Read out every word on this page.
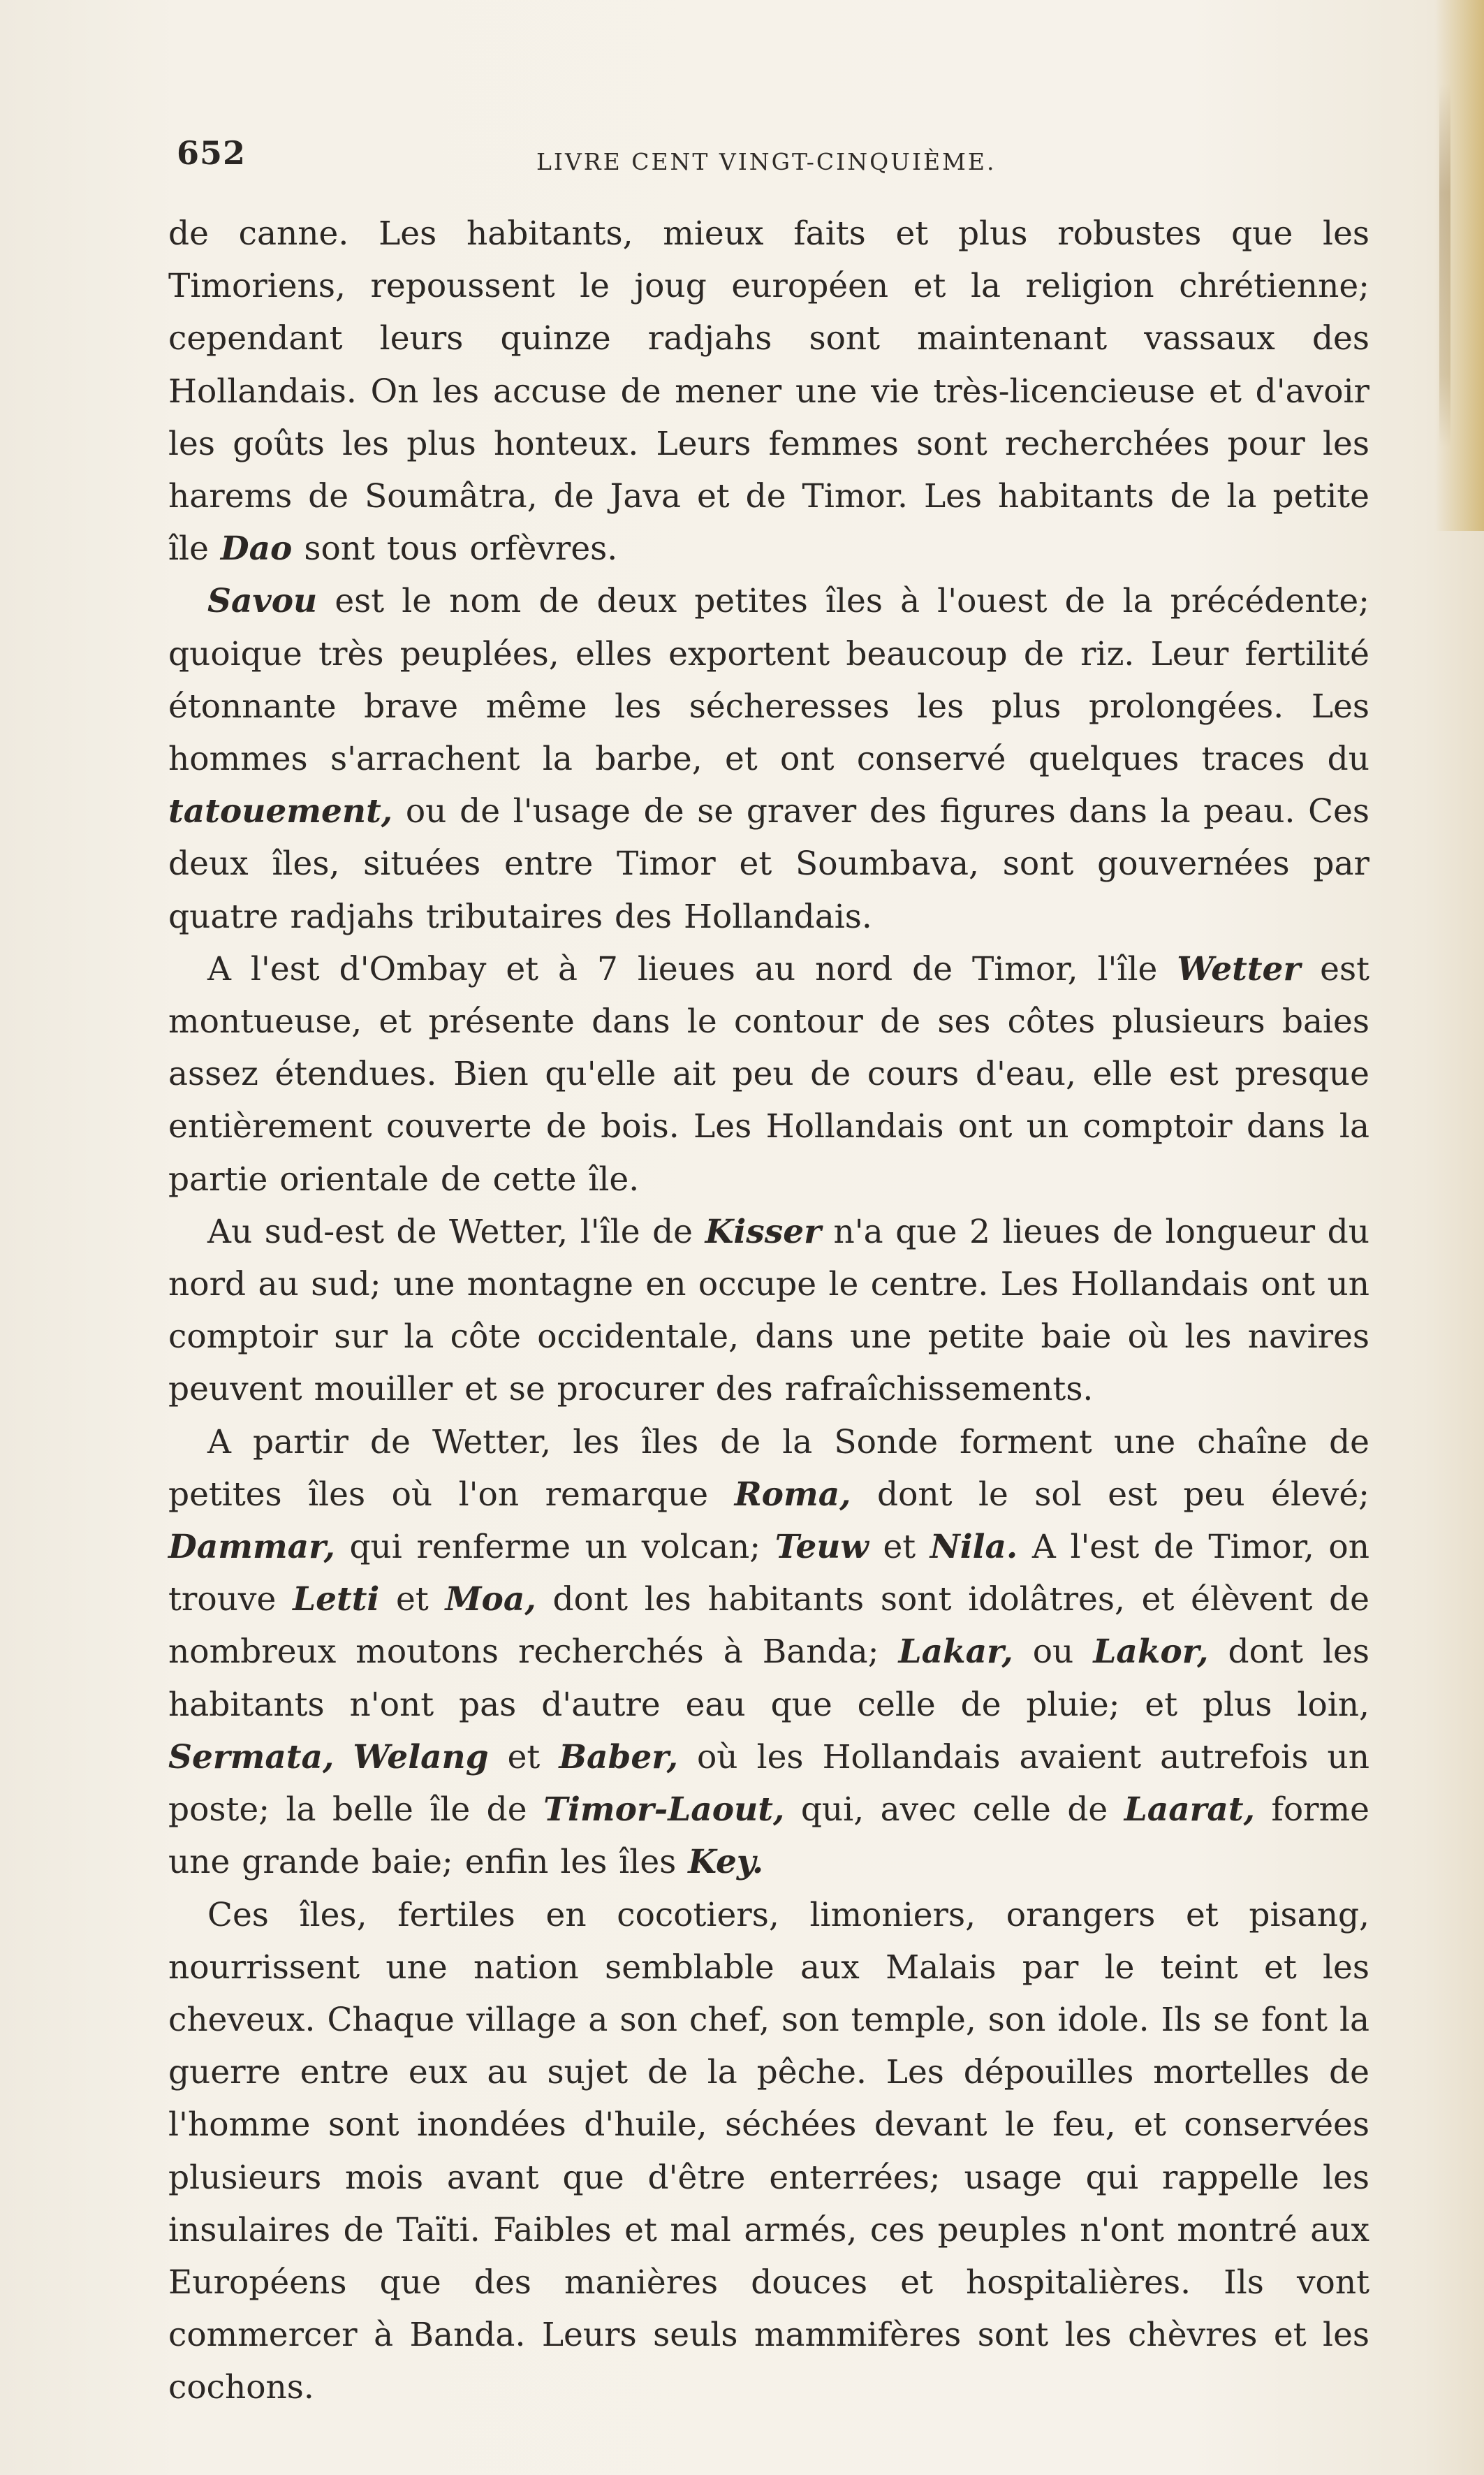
652	LIVRE CENT VINGT-CINQUIÈME.

de canne. Les habitants, mieux faits et plus robustes que les Timoriens, repoussent le joug européen et la religion chrétienne; cependant leurs quinze radjahs sont maintenant vassaux des Hollandais. On les accuse de mener une vie très-licencieuse et d'avoir les goûts les plus honteux. Leurs femmes sont recherchées pour les harems de Soumâtra, de Java et de Timor. Les habitants de la petite île Dao sont tous orfèvres.

Savou est le nom de deux petites îles à l'ouest de la précédente; quoique très peuplées, elles exportent beaucoup de riz. Leur fertilité étonnante brave même les sécheresses les plus prolongées. Les hommes s'arrachent la barbe, et ont conservé quelques traces du tatouement, ou de l'usage de se graver des figures dans la peau. Ces deux îles, situées entre Timor et Soumbava, sont gouvernées par quatre radjahs tributaires des Hollandais.

A l'est d'Ombay et à 7 lieues au nord de Timor, l'île Wetter est montueuse, et présente dans le contour de ses côtes plusieurs baies assez étendues. Bien qu'elle ait peu de cours d'eau, elle est presque entièrement couverte de bois. Les Hollandais ont un comptoir dans la partie orientale de cette île.

Au sud-est de Wetter, l'île de Kisser n'a que 2 lieues de longueur du nord au sud; une montagne en occupe le centre. Les Hollandais ont un comptoir sur la côte occidentale, dans une petite baie où les navires peuvent mouiller et se procurer des rafraîchissements.

A partir de Wetter, les îles de la Sonde forment une chaîne de petites îles où l'on remarque Roma, dont le sol est peu élevé; Dammar, qui renferme un volcan; Teuw et Nila. A l'est de Timor, on trouve Letti et Moa, dont les habitants sont idolâtres, et élèvent de nombreux moutons recherchés à Banda; Lakar, ou Lakor, dont les habitants n'ont pas d'autre eau que celle de pluie; et plus loin, Sermata, Welang et Baber, où les Hollandais avaient autrefois un poste; la belle île de Timor-Laout, qui, avec celle de Laarat, forme une grande baie; enfin les îles Key.

Ces îles, fertiles en cocotiers, limoniers, orangers et pisang, nourrissent une nation semblable aux Malais par le teint et les cheveux. Chaque village a son chef, son temple, son idole. Ils se font la guerre entre eux au sujet de la pêche. Les dépouilles mortelles de l'homme sont inondées d'huile, séchées devant le feu, et conservées plusieurs mois avant que d'être enterrées; usage qui rappelle les insulaires de Taïti. Faibles et mal armés, ces peuples n'ont montré aux Européens que des manières douces et hospitalières. Ils vont commercer à Banda. Leurs seuls mammifères sont les chèvres et les cochons.
